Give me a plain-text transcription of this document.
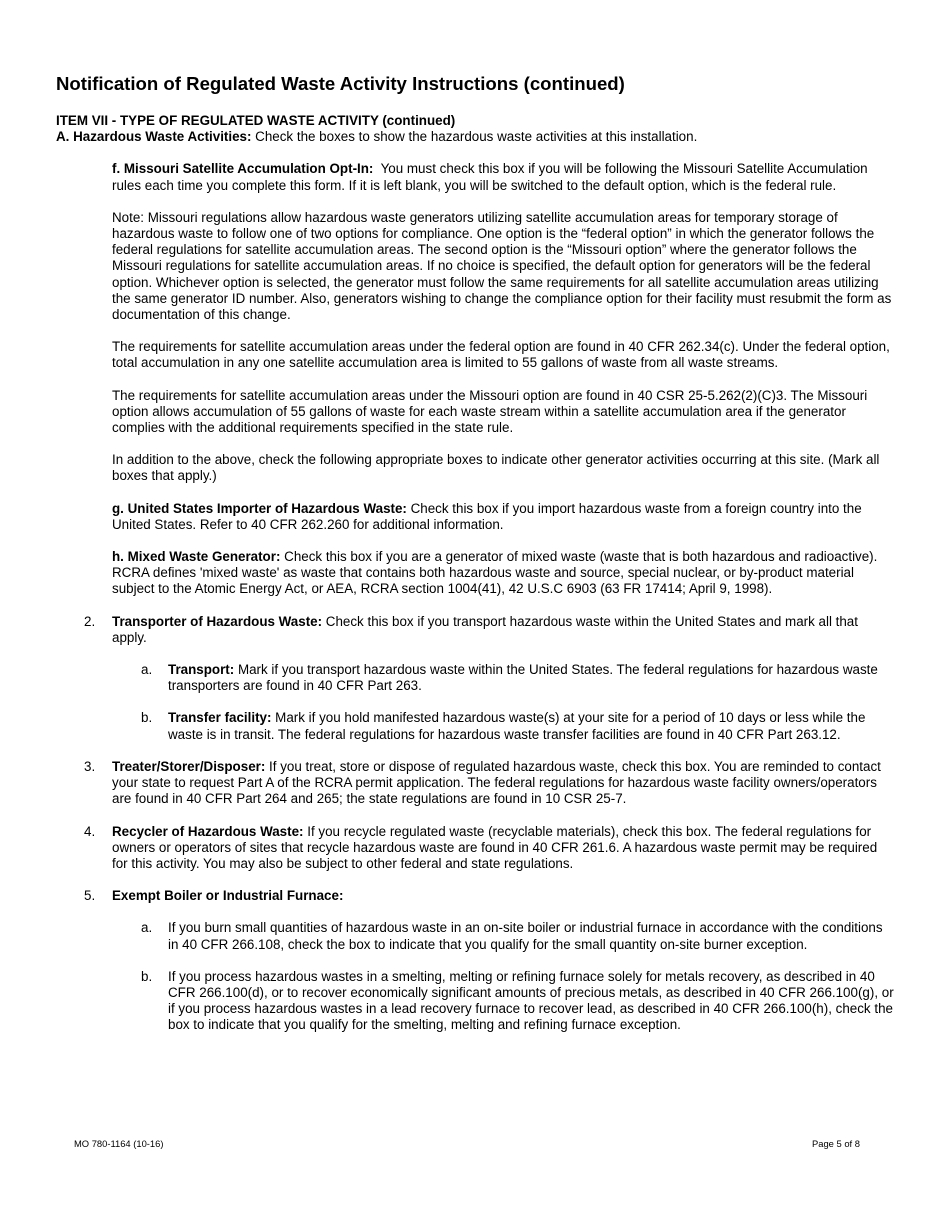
Notification of Regulated Waste Activity Instructions (continued)

ITEM VII - TYPE OF REGULATED WASTE ACTIVITY (continued)

A. Hazardous Waste Activities: Check the boxes to show the hazardous waste activities at this installation.

f. Missouri Satellite Accumulation Opt-In:  You must check this box if you will be following the Missouri Satellite Accumulation rules each time you complete this form. If it is left blank, you will be switched to the default option, which is the federal rule.

Note: Missouri regulations allow hazardous waste generators utilizing satellite accumulation areas for temporary storage of hazardous waste to follow one of two options for compliance. One option is the “federal option” in which the generator follows the federal regulations for satellite accumulation areas. The second option is the “Missouri option” where the generator follows the Missouri regulations for satellite accumulation areas. If no choice is specified, the default option for generators will be the federal option. Whichever option is selected, the generator must follow the same requirements for all satellite accumulation areas utilizing the same generator ID number. Also, generators wishing to change the compliance option for their facility must resubmit the form as documentation of this change.

The requirements for satellite accumulation areas under the federal option are found in 40 CFR 262.34(c). Under the federal option, total accumulation in any one satellite accumulation area is limited to 55 gallons of waste from all waste streams.

The requirements for satellite accumulation areas under the Missouri option are found in 40 CSR 25-5.262(2)(C)3. The Missouri option allows accumulation of 55 gallons of waste for each waste stream within a satellite accumulation area if the generator complies with the additional requirements specified in the state rule.

In addition to the above, check the following appropriate boxes to indicate other generator activities occurring at this site. (Mark all boxes that apply.)

g. United States Importer of Hazardous Waste: Check this box if you import hazardous waste from a foreign country into the United States. Refer to 40 CFR 262.260 for additional information.

h. Mixed Waste Generator: Check this box if you are a generator of mixed waste (waste that is both hazardous and radioactive). RCRA defines 'mixed waste' as waste that contains both hazardous waste and source, special nuclear, or by-product material subject to the Atomic Energy Act, or AEA, RCRA section 1004(41), 42 U.S.C 6903 (63 FR 17414; April 9, 1998).

2. Transporter of Hazardous Waste: Check this box if you transport hazardous waste within the United States and mark all that apply.
a. Transport: Mark if you transport hazardous waste within the United States. The federal regulations for hazardous waste transporters are found in 40 CFR Part 263.
b. Transfer facility: Mark if you hold manifested hazardous waste(s) at your site for a period of 10 days or less while the waste is in transit. The federal regulations for hazardous waste transfer facilities are found in 40 CFR Part 263.12.
3. Treater/Storer/Disposer: If you treat, store or dispose of regulated hazardous waste, check this box. You are reminded to contact your state to request Part A of the RCRA permit application. The federal regulations for hazardous waste facility owners/operators are found in 40 CFR Part 264 and 265; the state regulations are found in 10 CSR 25-7.
4. Recycler of Hazardous Waste: If you recycle regulated waste (recyclable materials), check this box. The federal regulations for owners or operators of sites that recycle hazardous waste are found in 40 CFR 261.6. A hazardous waste permit may be required for this activity. You may also be subject to other federal and state regulations.
5. Exempt Boiler or Industrial Furnace:
a. If you burn small quantities of hazardous waste in an on-site boiler or industrial furnace in accordance with the conditions in 40 CFR 266.108, check the box to indicate that you qualify for the small quantity on-site burner exception.
b. If you process hazardous wastes in a smelting, melting or refining furnace solely for metals recovery, as described in 40 CFR 266.100(d), or to recover economically significant amounts of precious metals, as described in 40 CFR 266.100(g), or if you process hazardous wastes in a lead recovery furnace to recover lead, as described in 40 CFR 266.100(h), check the box to indicate that you qualify for the smelting, melting and refining furnace exception.
MO 780-1164 (10-16)	Page 5 of 8
